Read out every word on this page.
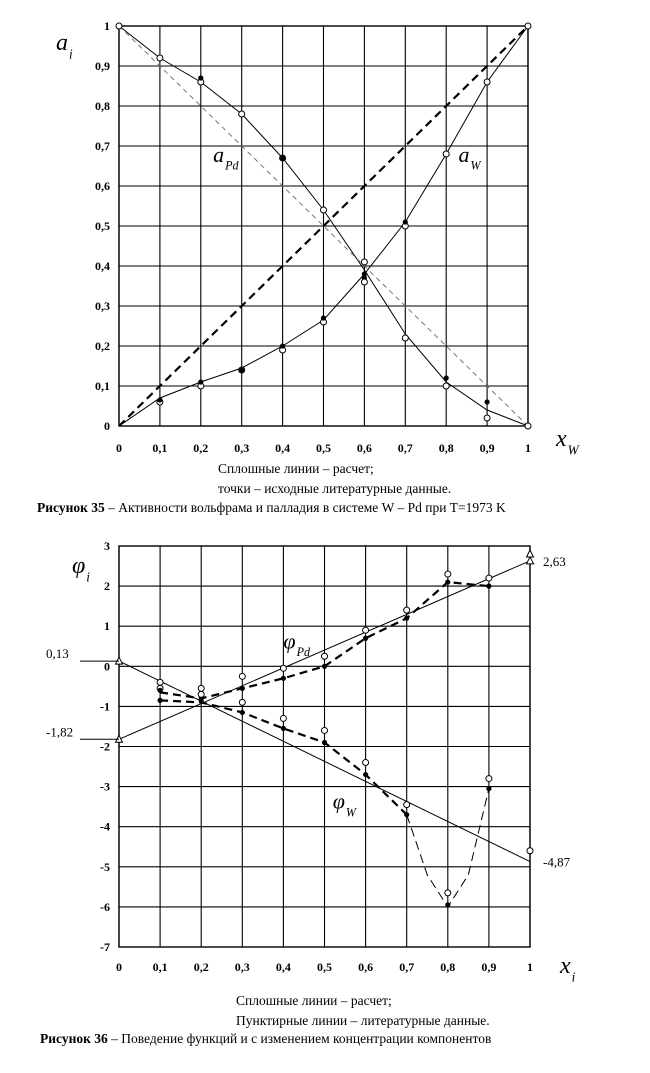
0	0,1 0,2 0,3 0,4 0,5 0,6 0,7 0,8 0,9	1
0
0,1
0,2
0,3
0,4
0,5
0,6
0,7
0,8
0,9
1
$x_W$
$a_i$
$a_{Pd}$	$a_W$
0	0,1 0,2 0,3 0,4 0,5 0,6 0,7 0,8 0,9	1
-7
-6
-5
-4
-3
-2
-1
0
1
2
3
$x_i$
$\varphi_i$
$\varphi_{Pd}$
$\varphi_W$
0,13
-1,82
2,63
-4,87
Сплошные линии – расчет;
точки – исходные литературные данные.
Рисунок 35 – Активности вольфрама и палладия в системе W – Pd при T=1973 K
Сплошные линии – расчет;
Пунктирные линии – литературные данные.
Рисунок 36 – Поведение функций и с изменением концентрации компонентов
